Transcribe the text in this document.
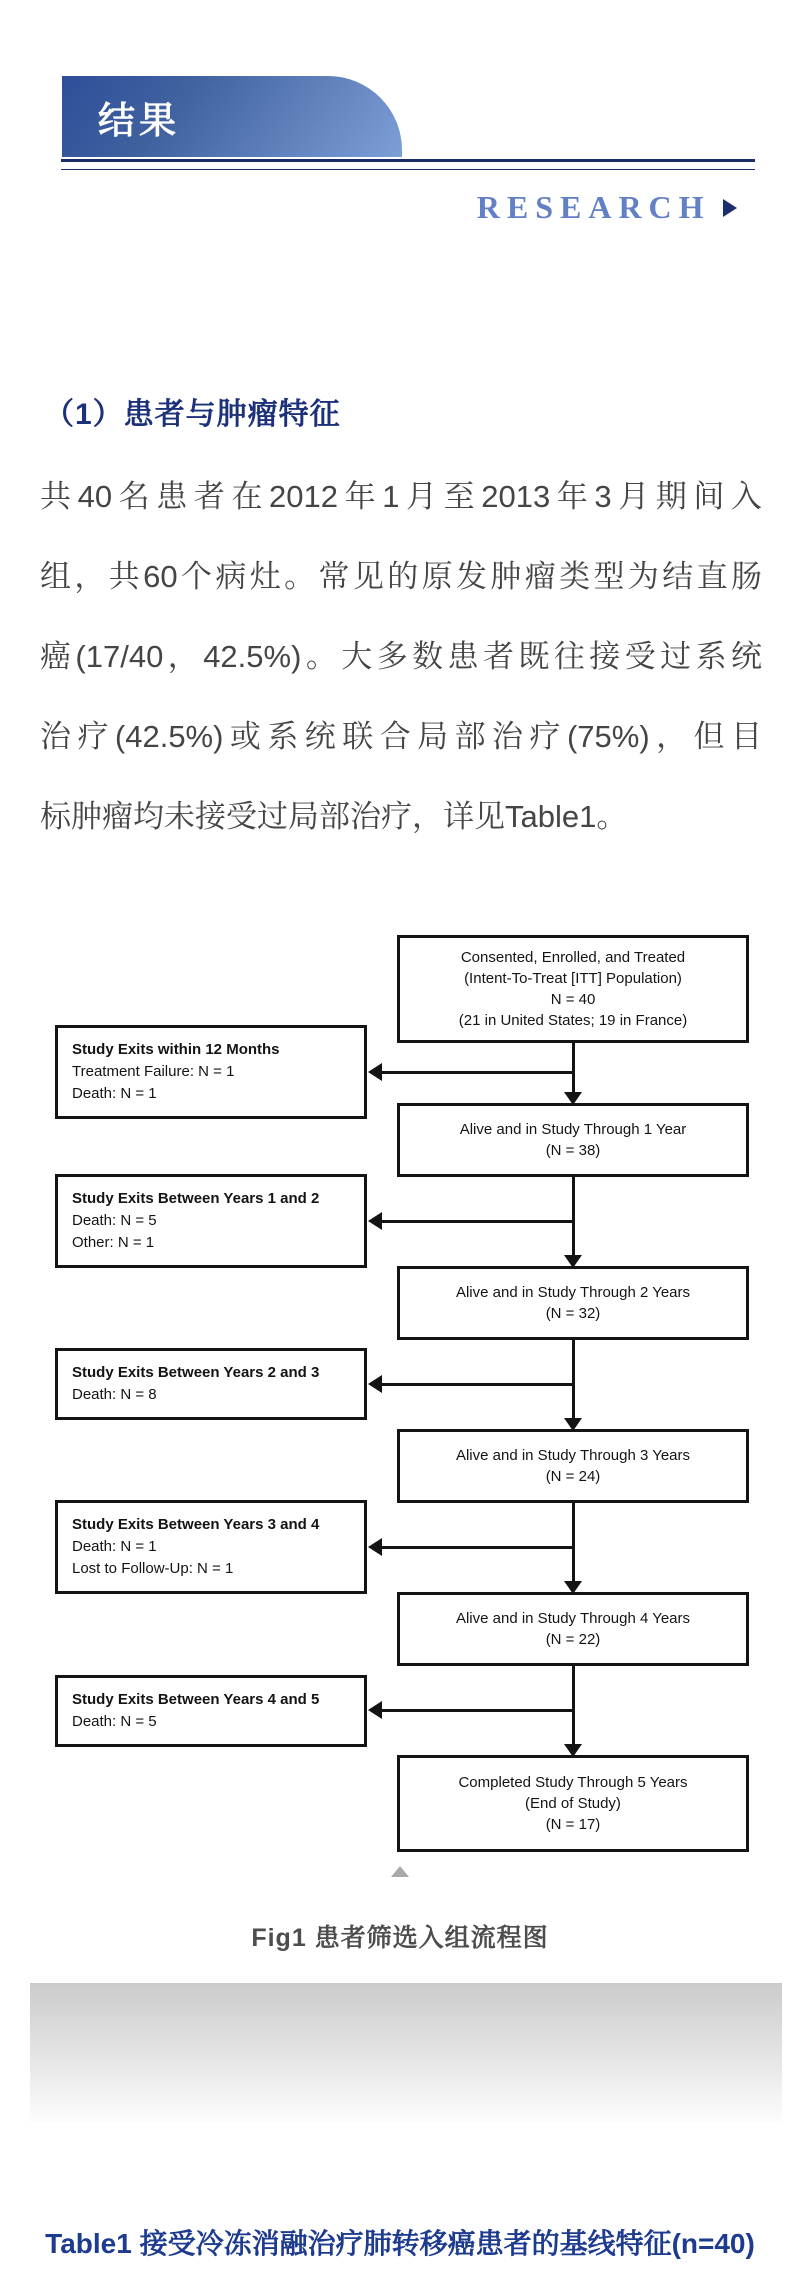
结果
RESEARCH
（1）患者与肿瘤特征
共40名患者在2012年1月至2013年3月期间入
组，共60个病灶。常见的原发肿瘤类型为结直肠
癌(17/40，42.5%)。大多数患者既往接受过系统
治疗(42.5%)或系统联合局部治疗(75%)，但目
标肿瘤均未接受过局部治疗，详见Table1。
Consented, Enrolled, and Treated
(Intent-To-Treat [ITT] Population)
N = 40
(21 in United States; 19 in France)
Alive and in Study Through 1 Year
(N = 38)
Alive and in Study Through 2 Years
(N = 32)
Alive and in Study Through 3 Years
(N = 24)
Alive and in Study Through 4 Years
(N = 22)
Completed Study Through 5 Years
(End of Study)
(N = 17)
Study Exits within 12 Months
Treatment Failure: N = 1
Death: N = 1
Study Exits Between Years 1 and 2
Death: N = 5
Other: N = 1
Study Exits Between Years 2 and 3
Death: N = 8
Study Exits Between Years 3 and 4
Death: N = 1
Lost to Follow-Up: N = 1
Study Exits Between Years 4 and 5
Death: N = 5
Fig1 患者筛选入组流程图
Table1 接受冷冻消融治疗肺转移癌患者的基线特征(n=40)
